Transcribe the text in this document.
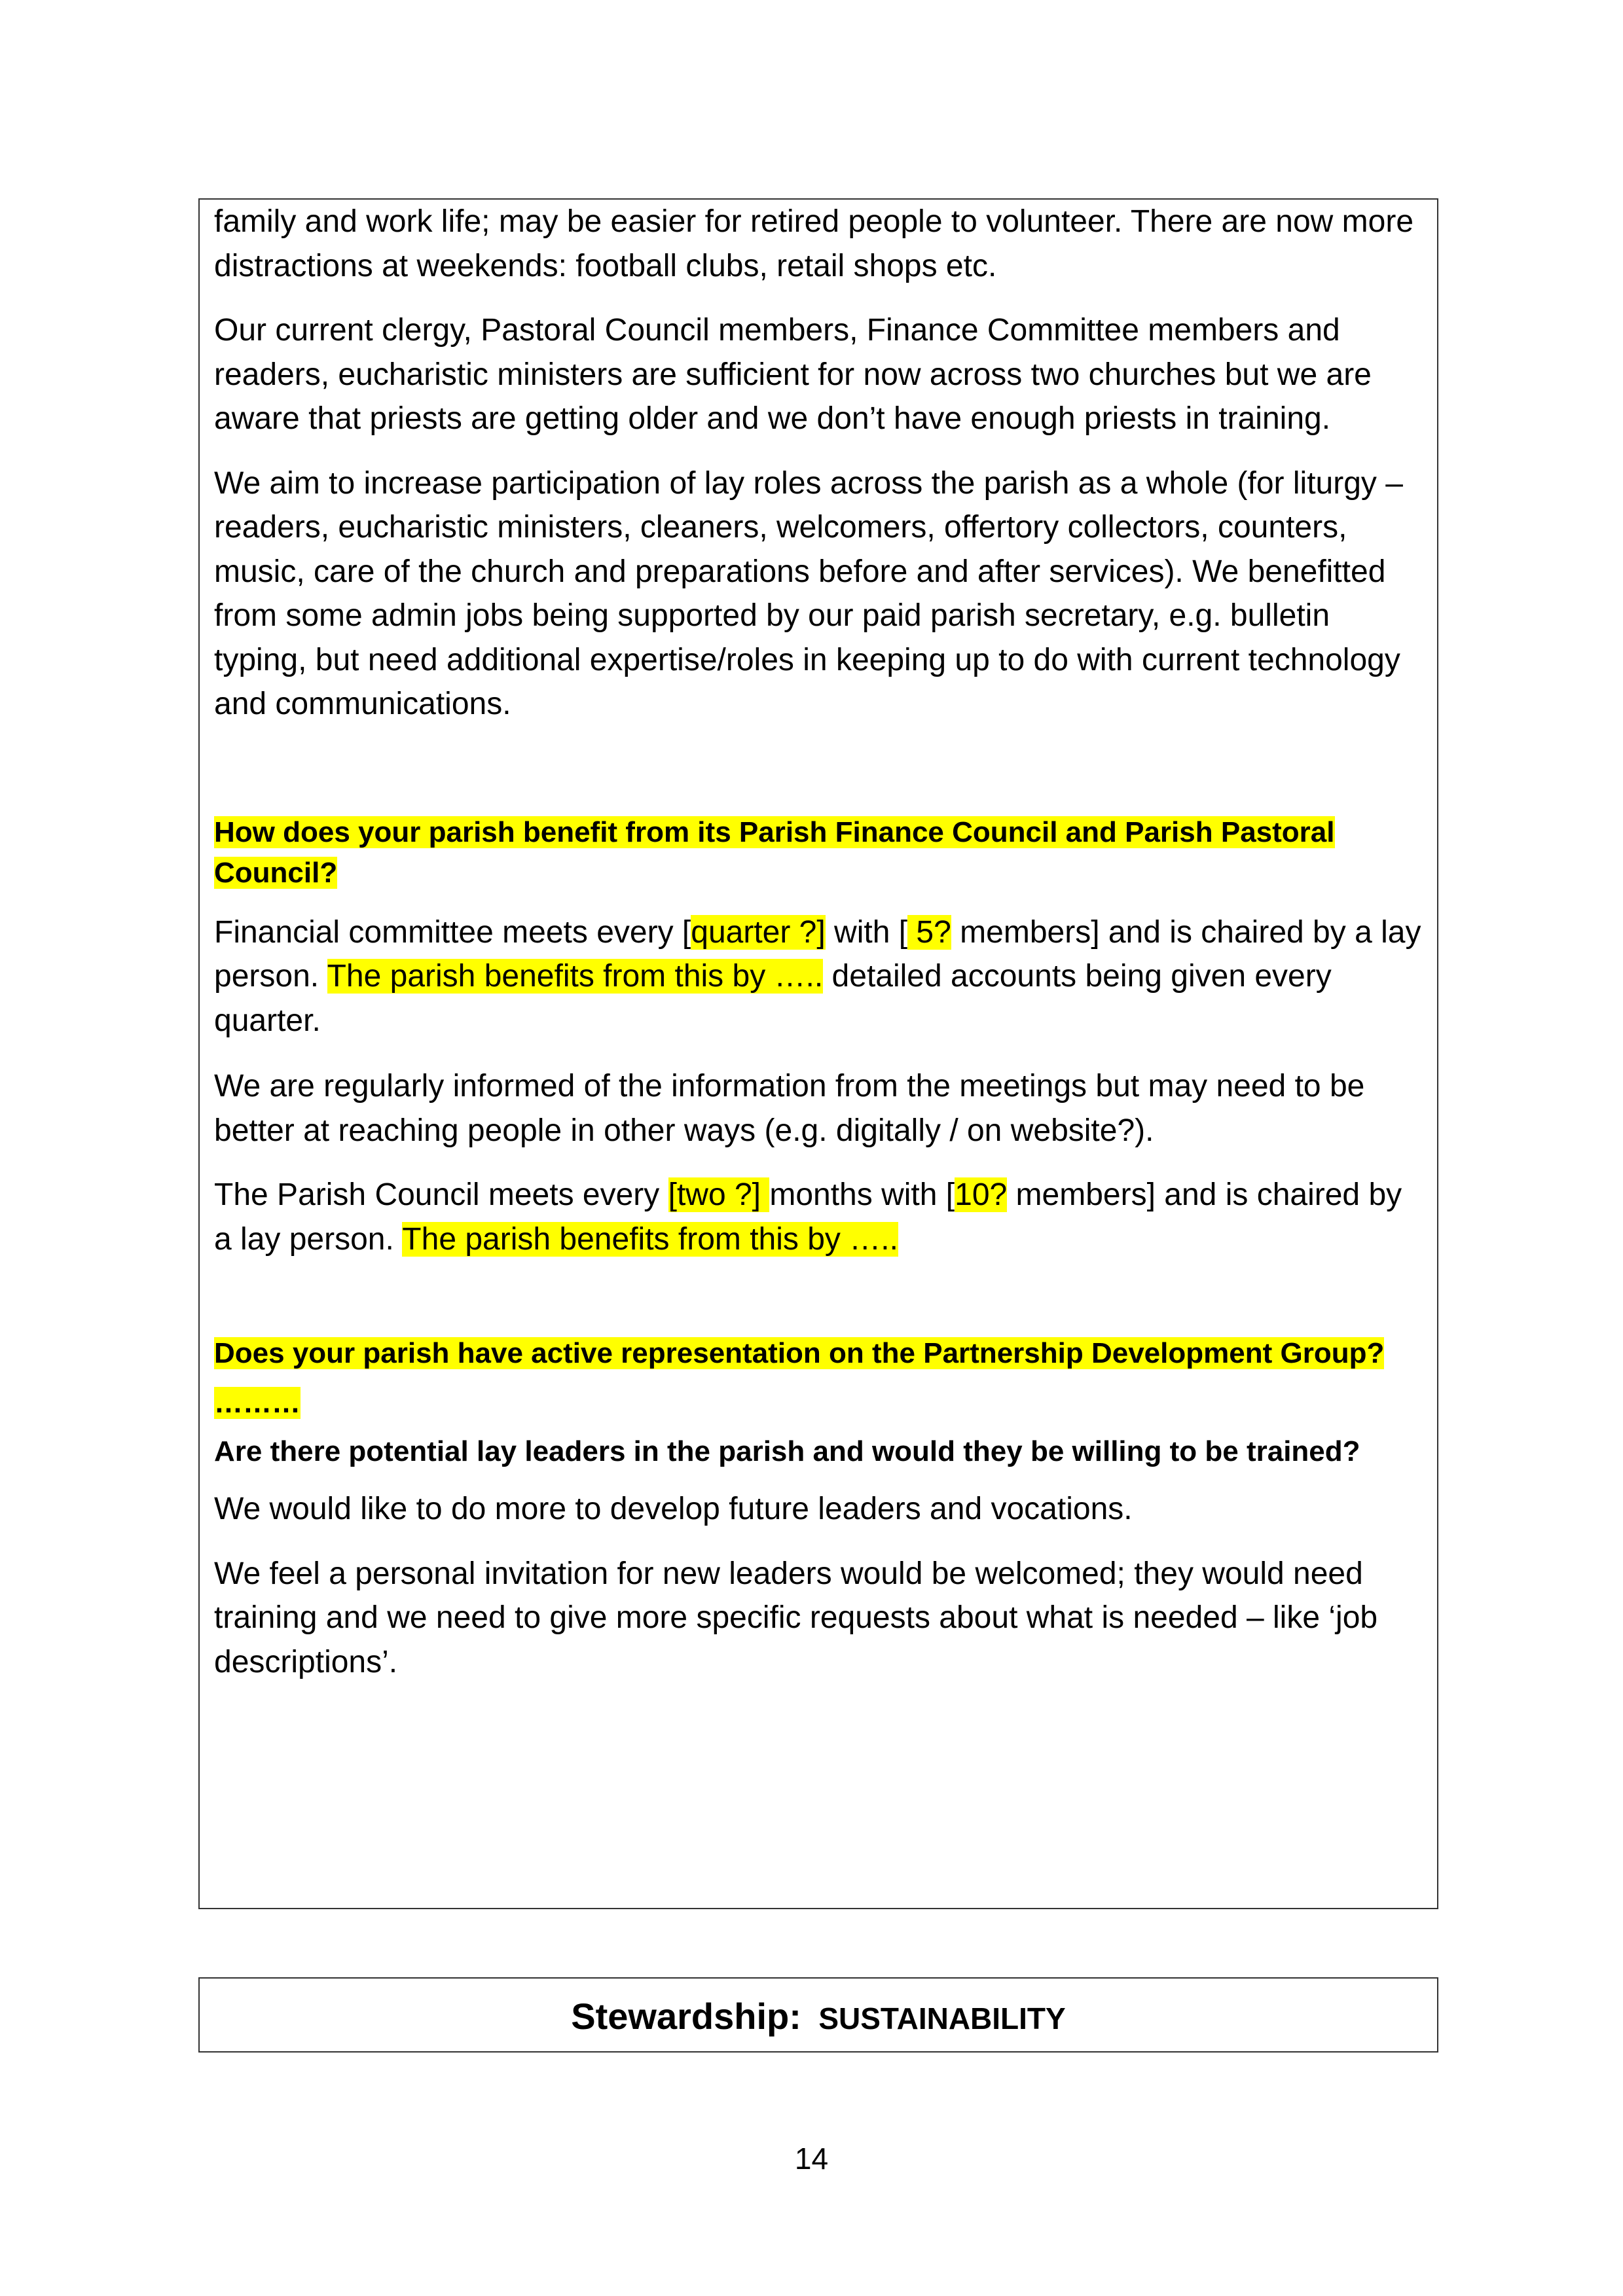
family and work life; may be easier for retired people to volunteer. There are now more distractions at weekends: football clubs, retail shops etc.

Our current clergy, Pastoral Council members, Finance Committee members and readers, eucharistic ministers are sufficient for now across two churches but we are aware that priests are getting older and we don’t have enough priests in training.

We aim to increase participation of lay roles across the parish as a whole (for liturgy – readers, eucharistic ministers, cleaners, welcomers, offertory collectors, counters, music, care of the church and preparations before and after services). We benefitted from some admin jobs being supported by our paid parish secretary, e.g. bulletin typing, but need additional expertise/roles in keeping up to do with current technology and communications.

How does your parish benefit from its Parish Finance Council and Parish Pastoral Council?

Financial committee meets every [quarter ?] with [ 5? members] and is chaired by a lay person. The parish benefits from this by ….. detailed accounts being given every quarter.

We are regularly informed of the information from the meetings but may need to be better at reaching people in other ways (e.g. digitally / on website?).

The Parish Council meets every [two ?] months with [10? members] and is chaired by a lay person. The parish benefits from this by …..

Does your parish have active representation on the Partnership Development Group?

………

Are there potential lay leaders in the parish and would they be willing to be trained?

We would like to do more to develop future leaders and vocations.

We feel a personal invitation for new leaders would be welcomed; they would need training and we need to give more specific requests about what is needed – like ‘job descriptions’.

Stewardship: SUSTAINABILITY
14
